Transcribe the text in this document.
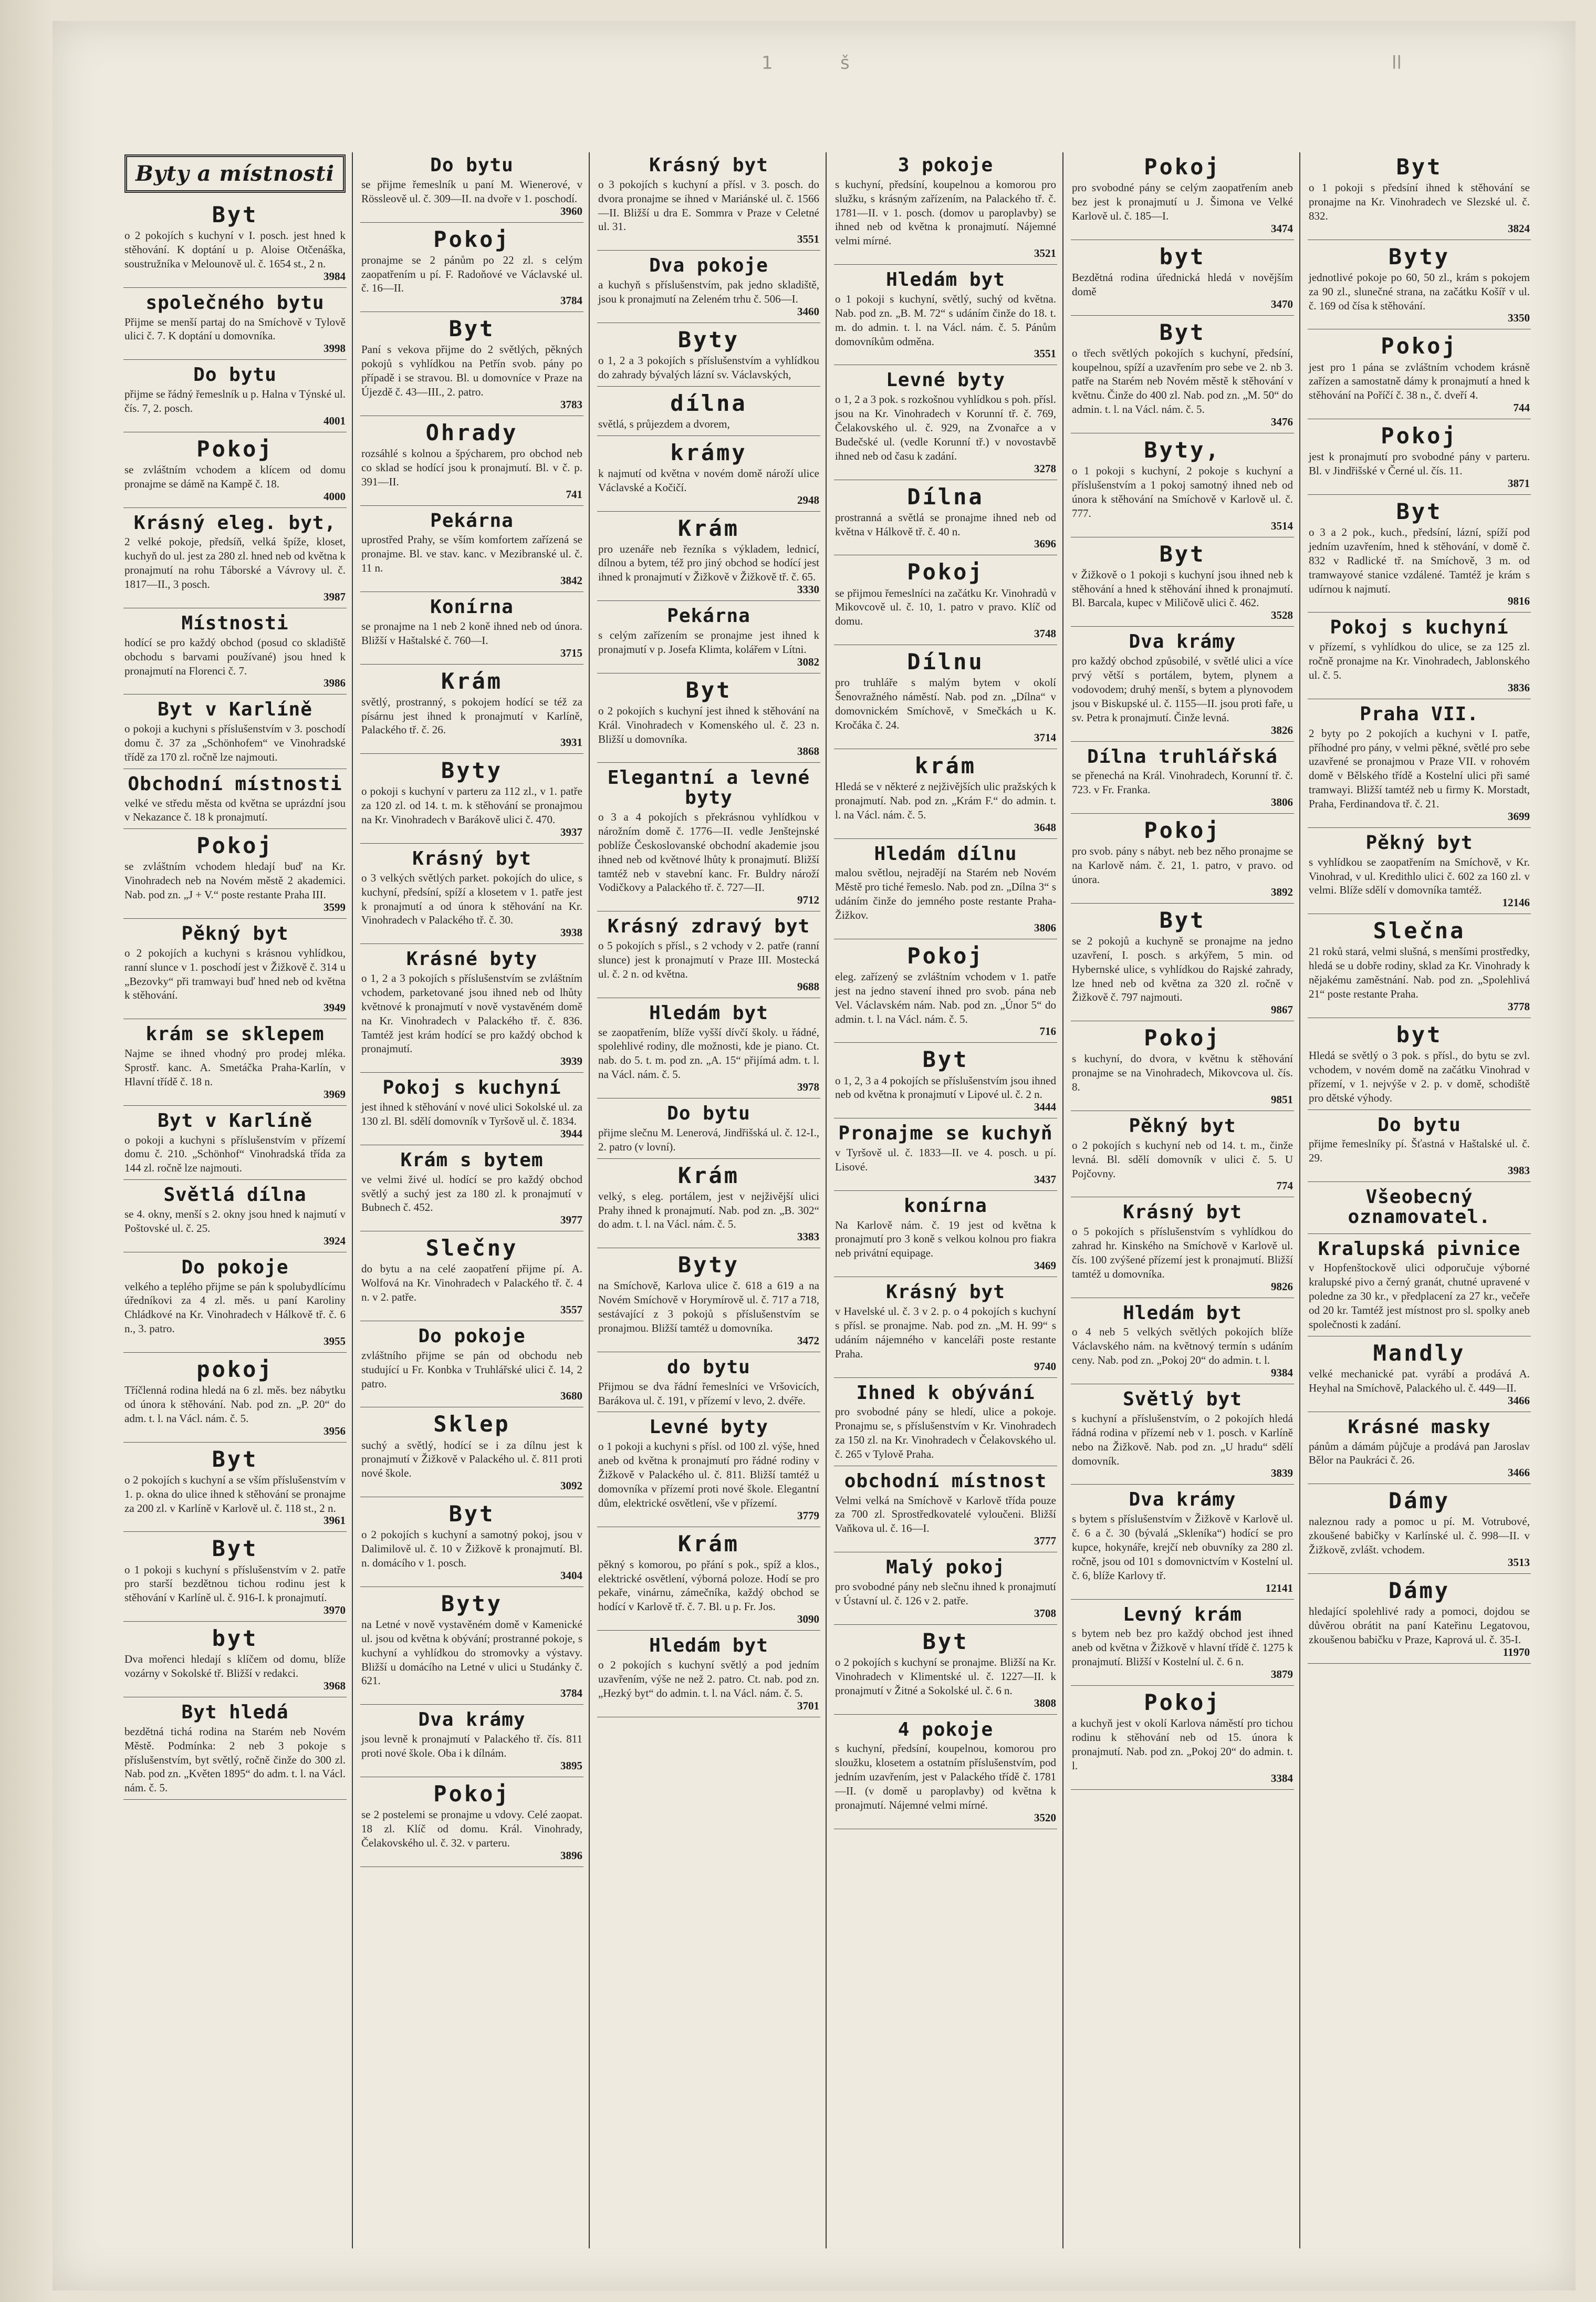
1	š	ll
Byty a místnosti
Byt
o 2 pokojích s kuchyní v I. posch. jest hned k stěhování. K doptání u p. Aloise Otčenáška, soustružníka v Melounově ul. č. 1654 st., 2 n.
3984
společného bytu
Přijme se menší partaj do na Smíchově v Tylově ulici č. 7. K doptání u domovníka.
3998
Do bytu
přijme se řádný řemeslník u p. Halna v Týnské ul. čís. 7, 2. posch.
4001
Pokoj
se zvláštním vchodem a klícem od domu pronajme se dámě na Kampě č. 18.
4000
Krásný eleg. byt,
2 velké pokoje, předsíň, velká špíže, kloset, kuchyň do ul. jest za 280 zl. hned neb od května k pronajmutí na rohu Táborské a Vávrovy ul. č. 1817—II., 3 posch.
3987
Místnosti
hodící se pro každý obchod (posud co skladiště obchodu s barvami používané) jsou hned k pronajmutí na Florenci č. 7.
3986
Byt v Karlíně
o pokoji a kuchyni s příslušenstvím v 3. poschodí domu č. 37 za „Schönhofem“ ve Vinohradské třídě za 170 zl. ročně lze najmouti.
Obchodní místnosti
velké ve středu města od května se uprázdní jsou v Nekazance č. 18 k pronajmutí.
Pokoj
se zvláštním vchodem hledají buď na Kr. Vinohradech neb na Novém městě 2 akademici. Nab. pod zn. „J + V.“ poste restante Praha III.
3599
Pěkný byt
o 2 pokojích a kuchyni s krásnou vyhlídkou, ranní slunce v 1. poschodí jest v Žižkově č. 314 u „Bezovky“ při tramwayi buď hned neb od května k stěhování.
3949
krám se sklepem
Najme se ihned vhodný pro prodej mléka. Sprostř. kanc. A. Smetáčka Praha-Karlín, v Hlavní třídě č. 18 n.
3969
Byt v Karlíně
o pokoji a kuchyni s příslušenstvím v přízemí domu č. 210. „Schönhof“ Vinohradská třída za 144 zl. ročně lze najmouti.
Světlá dílna
se 4. okny, menší s 2. okny jsou hned k najmutí v Poštovské ul. č. 25.
3924
Do pokoje
velkého a teplého přijme se pán k spolubydlícímu úředníkovi za 4 zl. měs. u paní Karoliny Chládkové na Kr. Vinohradech v Hálkově tř. č. 6 n., 3. patro.
3955
pokoj
Tříčlenná rodina hledá na 6 zl. měs. bez nábytku od února k stěhování. Nab. pod zn. „P. 20“ do adm. t. l. na Václ. nám. č. 5.
3956
Byt
o 2 pokojích s kuchyní a se vším příslušenstvím v 1. p. okna do ulice ihned k stěhování se pronajme za 200 zl. v Karlíně v Karlově ul. č. 118 st., 2 n.
3961
Byt
o 1 pokoji s kuchyní s příslušenstvím v 2. patře pro starší bezdětnou tichou rodinu jest k stěhování v Karlíně ul. č. 916-I. k pronajmutí.
3970
byt
Dva mořenci hledají s klíčem od domu, blíže vozárny v Sokolské tř. Bližší v redakci.
3968
Byt hledá
bezdětná tichá rodina na Starém neb Novém Městě. Podmínka: 2 neb 3 pokoje s příslušenstvím, byt světlý, ročně činže do 300 zl. Nab. pod zn. „Květen 1895“ do adm. t. l. na Václ. nám. č. 5.
Do bytu
se přijme řemeslník u paní M. Wienerové, v Rössleově ul. č. 309—II. na dvoře v 1. poschodí.
3960
Pokoj
pronajme se 2 pánům po 22 zl. s celým zaopatřením u pí. F. Radoňové ve Václavské ul. č. 16—II.
3784
Byt
Paní s vekova přijme do 2 světlých, pěkných pokojů s vyhlídkou na Petřín svob. pány po případě i se stravou. Bl. u domovníce v Praze na Újezdě č. 43—III., 2. patro.
3783
Ohrady
rozsáhlé s kolnou a špýcharem, pro obchod neb co sklad se hodící jsou k pronajmutí. Bl. v č. p. 391—II.
741
Pekárna
uprostřed Prahy, se vším komfortem zařízená se pronajme. Bl. ve stav. kanc. v Mezibranské ul. č. 11 n.
3842
Konírna
se pronajme na 1 neb 2 koně ihned neb od února. Bližší v Haštalské č. 760—I.
3715
Krám
světlý, prostranný, s pokojem hodící se též za písárnu jest ihned k pronajmutí v Karlíně, Palackého tř. č. 26.
3931
Byty
o pokoji s kuchyní v parteru za 112 zl., v 1. patře za 120 zl. od 14. t. m. k stěhování se pronajmou na Kr. Vinohradech v Barákově ulici č. 470.
3937
Krásný byt
o 3 velkých světlých parket. pokojích do ulice, s kuchyní, předsíní, spíží a klosetem v 1. patře jest k pronajmutí a od února k stěhování na Kr. Vinohradech v Palackého tř. č. 30.
3938
Krásné byty
o 1, 2 a 3 pokojích s příslušenstvím se zvláštním vchodem, parketované jsou ihned neb od lhůty květnové k pronajmutí v nově vystavěném domě na Kr. Vinohradech v Palackého tř. č. 836. Tamtéž jest krám hodící se pro každý obchod k pronajmutí.
3939
Pokoj s kuchyní
jest ihned k stěhování v nové ulici Sokolské ul. za 130 zl. Bl. sdělí domovník v Tyršově ul. č. 1834.
3944
Krám s bytem
ve velmi živé ul. hodící se pro každý obchod světlý a suchý jest za 180 zl. k pronajmutí v Bubnech č. 452.
3977
Slečny
do bytu a na celé zaopatření přijme pí. A. Wolfová na Kr. Vinohradech v Palackého tř. č. 4 n. v 2. patře.
3557
Do pokoje
zvláštního přijme se pán od obchodu neb studující u Fr. Konbka v Truhlářské ulici č. 14, 2 patro.
3680
Sklep
suchý a světlý, hodící se i za dílnu jest k pronajmutí v Žižkově v Palackého ul. č. 811 proti nové škole.
3092
Byt
o 2 pokojích s kuchyní a samotný pokoj, jsou v Dalimilově ul. č. 10 v Žižkově k pronajmutí. Bl. n. domácího v 1. posch.
3404
Byty
na Letné v nově vystavěném domě v Kamenické ul. jsou od května k obývání; prostranné pokoje, s kuchyní a vyhlídkou do stromovky a výstavy. Bližší u domácího na Letné v ulici u Studánky č. 621.
3784
Dva krámy
jsou levně k pronajmutí v Palackého tř. čís. 811 proti nové škole. Oba i k dílnám.
3895
Pokoj
se 2 postelemi se pronajme u vdovy. Celé zaopat. 18 zl. Klíč od domu. Král. Vinohrady, Čelakovského ul. č. 32. v parteru.
3896
Krásný byt
o 3 pokojích s kuchyní a přísl. v 3. posch. do dvora pronajme se ihned v Mariánské ul. č. 1566—II. Bližší u dra E. Sommra v Praze v Celetné ul. 31.
3551
Dva pokoje
a kuchyň s příslušenstvím, pak jedno skladiště, jsou k pronajmutí na Zeleném trhu č. 506—I.
3460
Byty
o 1, 2 a 3 pokojích s příslušenstvím a vyhlídkou do zahrady bývalých lázní sv. Václavských,
dílna
světlá, s průjezdem a dvorem,
krámy
k najmutí od května v novém domě nároží ulice Václavské a Kočičí.
2948
Krám
pro uzenáře neb řezníka s výkladem, lednicí, dílnou a bytem, též pro jiný obchod se hodící jest ihned k pronajmutí v Žižkově v Žižkově tř. č. 65.
3330
Pekárna
s celým zařízením se pronajme jest ihned k pronajmutí v p. Josefa Klimta, kolářem v Lítni.
3082
Byt
o 2 pokojích s kuchyní jest ihned k stěhování na Král. Vinohradech v Komenského ul. č. 23 n. Bližší u domovníka.
3868
Elegantní a levné byty
o 3 a 4 pokojích s překrásnou vyhlídkou v nárožním domě č. 1776—II. vedle Jenštejnské poblíže Českoslovanské obchodní akademie jsou ihned neb od květnové lhůty k pronajmutí. Bližší tamtéž neb v stavební kanc. Fr. Buldry nároží Vodičkovy a Palackého tř. č. 727—II.
9712
Krásný zdravý byt
o 5 pokojích s přísl., s 2 vchody v 2. patře (ranní slunce) jest k pronajmutí v Praze III. Mostecká ul. č. 2 n. od května.
9688
Hledám byt
se zaopatřením, blíže vyšší dívčí školy. u řádné, spolehlivé rodiny, dle možnosti, kde je piano. Ct. nab. do 5. t. m. pod zn. „A. 15“ přijímá adm. t. l. na Václ. nám. č. 5.
3978
Do bytu
přijme slečnu M. Lenerová, Jindřišská ul. č. 12-I., 2. patro (v lovní).
Krám
velký, s eleg. portálem, jest v nejživější ulici Prahy ihned k pronajmutí. Nab. pod zn. „B. 302“ do adm. t. l. na Václ. nám. č. 5.
3383
Byty
na Smíchově, Karlova ulice č. 618 a 619 a na Novém Smíchově v Horymírově ul. č. 717 a 718, sestávající z 3 pokojů s příslušenstvím se pronajmou. Bližší tamtéž u domovníka.
3472
do bytu
Přijmou se dva řádní řemeslníci ve Vršovicích, Barákova ul. č. 191, v přízemí v levo, 2. dvéře.
Levné byty
o 1 pokoji a kuchyni s přísl. od 100 zl. výše, hned aneb od května k pronajmutí pro řádné rodiny v Žižkově v Palackého ul. č. 811. Bližší tamtéž u domovníka v přízemí proti nové škole. Elegantní dům, elektrické osvětlení, vše v přízemí.
3779
Krám
pěkný s komorou, po přání s pok., spíž a klos., elektrické osvětlení, výborná poloze. Hodí se pro pekaře, vinárnu, zámečníka, každý obchod se hodící v Karlově tř. č. 7. Bl. u p. Fr. Jos.
3090
Hledám byt
o 2 pokojích s kuchyní světlý a pod jedním uzavřením, výše ne než 2. patro. Ct. nab. pod zn. „Hezký byt“ do admin. t. l. na Václ. nám. č. 5.
3701
3 pokoje
s kuchyní, předsíní, koupelnou a komorou pro služku, s krásným zařízením, na Palackého tř. č. 1781—II. v 1. posch. (domov u paroplavby) se ihned neb od května k pronajmutí. Nájemné velmi mírné.
3521
Hledám byt
o 1 pokoji s kuchyní, světlý, suchý od května. Nab. pod zn. „B. M. 72“ s udáním činže do 18. t. m. do admin. t. l. na Václ. nám. č. 5. Pánům domovníkům odměna.
3551
Levné byty
o 1, 2 a 3 pok. s rozkošnou vyhlídkou s poh. přísl. jsou na Kr. Vinohradech v Korunní tř. č. 769, Čelakovského ul. č. 929, na Zvonařce a v Budečské ul. (vedle Korunní tř.) v novostavbě ihned neb od času k zadání.
3278
Dílna
prostranná a světlá se pronajme ihned neb od května v Hálkově tř. č. 40 n.
3696
Pokoj
se přijmou řemeslníci na začátku Kr. Vinohradů v Mikovcově ul. č. 10, 1. patro v pravo. Klíč od domu.
3748
Dílnu
pro truhláře s malým bytem v okolí Šenovražného náměstí. Nab. pod zn. „Dílna“ v domovnickém Smíchově, v Smečkách u K. Kročáka č. 24.
3714
krám
Hledá se v některé z nejživějších ulic pražských k pronajmutí. Nab. pod zn. „Krám F.“ do admin. t. l. na Václ. nám. č. 5.
3648
Hledám dílnu
malou světlou, nejradějí na Starém neb Novém Městě pro tiché řemeslo. Nab. pod zn. „Dílna 3“ s udáním činže do jemného poste restante Praha-Žižkov.
3806
Pokoj
eleg. zařízený se zvláštním vchodem v 1. patře jest na jedno stavení ihned pro svob. pána neb Vel. Václavském nám. Nab. pod zn. „Únor 5“ do admin. t. l. na Václ. nám. č. 5.
716
Byt
o 1, 2, 3 a 4 pokojích se příslušenstvím jsou ihned neb od května k pronajmutí v Lipové ul. č. 2 n.
3444
Pronajme se kuchyň
v Tyršově ul. č. 1833—II. ve 4. posch. u pí. Lisové.
3437
konírna
Na Karlově nám. č. 19 jest od května k pronajmutí pro 3 koně s velkou kolnou pro fiakra neb privátní equipage.
3469
Krásný byt
v Havelské ul. č. 3 v 2. p. o 4 pokojích s kuchyní s přísl. se pronajme. Nab. pod zn. „M. H. 99“ s udáním nájemného v kanceláři poste restante Praha.
9740
Ihned k obývání
pro svobodné pány se hledí, ulice a pokoje. Pronajmu se, s příslušenstvím v Kr. Vinohradech za 150 zl. na Kr. Vinohradech v Čelakovského ul. č. 265 v Tylově Praha.
obchodní místnost
Velmi velká na Smíchově v Karlově třída pouze za 700 zl. Sprostředkovatelé vyloučeni. Bližší Vaňkova ul. č. 16—I.
3777
Malý pokoj
pro svobodné pány neb slečnu ihned k pronajmutí v Ústavní ul. č. 126 v 2. patře.
3708
Byt
o 2 pokojích s kuchyní se pronajme. Bližší na Kr. Vinohradech v Klimentské ul. č. 1227—II. k pronajmutí v Žitné a Sokolské ul. č. 6 n.
3808
4 pokoje
s kuchyní, předsíní, koupelnou, komorou pro sloužku, klosetem a ostatním příslušenstvím, pod jedním uzavřením, jest v Palackého třídě č. 1781—II. (v domě u paroplavby) od května k pronajmutí. Nájemné velmi mírné.
3520
Pokoj
pro svobodné pány se celým zaopatřením aneb bez jest k pronajmutí u J. Šimona ve Velké Karlově ul. č. 185—I.
3474
byt
Bezdětná rodina úřednická hledá v novějším domě
3470
Byt
o třech světlých pokojích s kuchyní, předsíní, koupelnou, spíží a uzavřením pro sebe ve 2. nb 3. patře na Starém neb Novém městě k stěhování v květnu. Činže do 400 zl. Nab. pod zn. „M. 50“ do admin. t. l. na Václ. nám. č. 5.
3476
Byty,
o 1 pokoji s kuchyní, 2 pokoje s kuchyní a příslušenstvím a 1 pokoj samotný ihned neb od února k stěhování na Smíchově v Karlově ul. č. 777.
3514
Byt
v Žižkově o 1 pokoji s kuchyní jsou ihned neb k stěhování a hned k stěhování ihned k pronajmutí. Bl. Barcala, kupec v Miličově ulici č. 462.
3528
Dva krámy
pro každý obchod způsobilé, v světlé ulici a více prvý větší s portálem, bytem, plynem a vodovodem; druhý menší, s bytem a plynovodem jsou v Biskupské ul. č. 1155—II. jsou proti faře, u sv. Petra k pronajmutí. Činže levná.
3826
Dílna truhlářská
se přenechá na Král. Vinohradech, Korunní tř. č. 723. v Fr. Franka.
3806
Pokoj
pro svob. pány s nábyt. neb bez něho pronajme se na Karlově nám. č. 21, 1. patro, v pravo. od února.
3892
Byt
se 2 pokojů a kuchyně se pronajme na jedno uzavření, I. posch. s arkýřem, 5 min. od Hybernské ulice, s vyhlídkou do Rajské zahrady, lze hned neb od května za 320 zl. ročně v Žižkově č. 797 najmouti.
9867
Pokoj
s kuchyní, do dvora, v květnu k stěhování pronajme se na Vinohradech, Mikovcova ul. čís. 8.
9851
Pěkný byt
o 2 pokojích s kuchyní neb od 14. t. m., činže levná. Bl. sdělí domovník v ulici č. 5. U Pojčovny.
774
Krásný byt
o 5 pokojích s příslušenstvím s vyhlídkou do zahrad hr. Kinského na Smíchově v Karlově ul. čís. 100 zvýšené přízemí jest k pronajmutí. Bližší tamtéž u domovníka.
9826
Hledám byt
o 4 neb 5 velkých světlých pokojích blíže Václavského nám. na květnový termín s udáním ceny. Nab. pod zn. „Pokoj 20“ do admin. t. l.
9384
Světlý byt
s kuchyní a příslušenstvím, o 2 pokojích hledá řádná rodina v přízemí neb v 1. posch. v Karlíně nebo na Žižkově. Nab. pod zn. „U hradu“ sdělí domovník.
3839
Dva krámy
s bytem s příslušenstvím v Žižkově v Karlově ul. č. 6 a č. 30 (bývalá „Skleníka“) hodící se pro kupce, hokynáře, krejčí neb obuvníky za 280 zl. ročně, jsou od 101 s domovnictvím v Kostelní ul. č. 6, blíže Karlovy tř.
12141
Levný krám
s bytem neb bez pro každý obchod jest ihned aneb od května v Žižkově v hlavní třídě č. 1275 k pronajmutí. Bližší v Kostelní ul. č. 6 n.
3879
Pokoj
a kuchyň jest v okolí Karlova náměstí pro tichou rodinu k stěhování neb od 15. února k pronajmutí. Nab. pod zn. „Pokoj 20“ do admin. t. l.
3384
Byt
o 1 pokoji s předsíní ihned k stěhování se pronajme na Kr. Vinohradech ve Slezské ul. č. 832.
3824
Byty
jednotlivé pokoje po 60, 50 zl., krám s pokojem za 90 zl., slunečné strana, na začátku Košíř v ul. č. 169 od čísa k stěhování.
3350
Pokoj
jest pro 1 pána se zvláštním vchodem krásně zařízen a samostatně dámy k pronajmutí a hned k stěhování na Poříčí č. 38 n., č. dveří 4.
744
Pokoj
jest k pronajmutí pro svobodné pány v parteru. Bl. v Jindřišské v Černé ul. čís. 11.
3871
Byt
o 3 a 2 pok., kuch., předsíní, lázní, spíží pod jedním uzavřením, hned k stěhování, v domě č. 832 v Radlické tř. na Smíchově, 3 m. od tramwayové stanice vzdálené. Tamtéž je krám s udírnou k najmutí.
9816
Pokoj s kuchyní
v přízemí, s vyhlídkou do ulice, se za 125 zl. ročně pronajme na Kr. Vinohradech, Jablonského ul. č. 5.
3836
Praha VII.
2 byty po 2 pokojích a kuchyni v I. patře, příhodné pro pány, v velmi pěkné, světlé pro sebe uzavřené se pronajmou v Praze VII. v rohovém domě v Bělského třídě a Kostelní ulici při samé tramwayi. Bližší tamtéž neb u firmy K. Morstadt, Praha, Ferdinandova tř. č. 21.
3699
Pěkný byt
s vyhlídkou se zaopatřením na Smíchově, v Kr. Vinohrad, v ul. Kredithlo ulici č. 602 za 160 zl. v velmi. Blíže sdělí v domovníka tamtéž.
12146
Slečna
21 roků stará, velmi slušná, s menšími prostředky, hledá se u dobře rodiny, sklad za Kr. Vinohrady k nějakému zaměstnání. Nab. pod zn. „Spolehlivá 21“ poste restante Praha.
3778
byt
Hledá se světlý o 3 pok. s přísl., do bytu se zvl. vchodem, v novém domě na začátku Vinohrad v přízemí, v 1. nejvýše v 2. p. v domě, schodiště pro dětské výhody.
Do bytu
přijme řemeslníky pí. Šťastná v Haštalské ul. č. 29.
3983
Všeobecný oznamovatel.
Kralupská pivnice
v Hopfenštockově ulici odporučuje výborné kralupské pivo a černý granát, chutné upravené v poledne za 30 kr., v předplacení za 27 kr., večeře od 20 kr. Tamtéž jest místnost pro sl. spolky aneb společnosti k zadání.
Mandly
velké mechanické pat. vyrábí a prodává A. Heyhal na Smíchově, Palackého ul. č. 449—II.
3466
Krásné masky
pánům a dámám půjčuje a prodává pan Jaroslav Bělor na Paukráci č. 26.
3466
Dámy
naleznou rady a pomoc u pí. M. Votrubové, zkoušené babičky v Karlínské ul. č. 998—II. v Žižkově, zvlášt. vchodem.
3513
Dámy
hledající spolehlivé rady a pomoci, dojdou se důvěrou obrátit na paní Kateřinu Legatovou, zkoušenou babičku v Praze, Kaprová ul. č. 35-I.
11970
